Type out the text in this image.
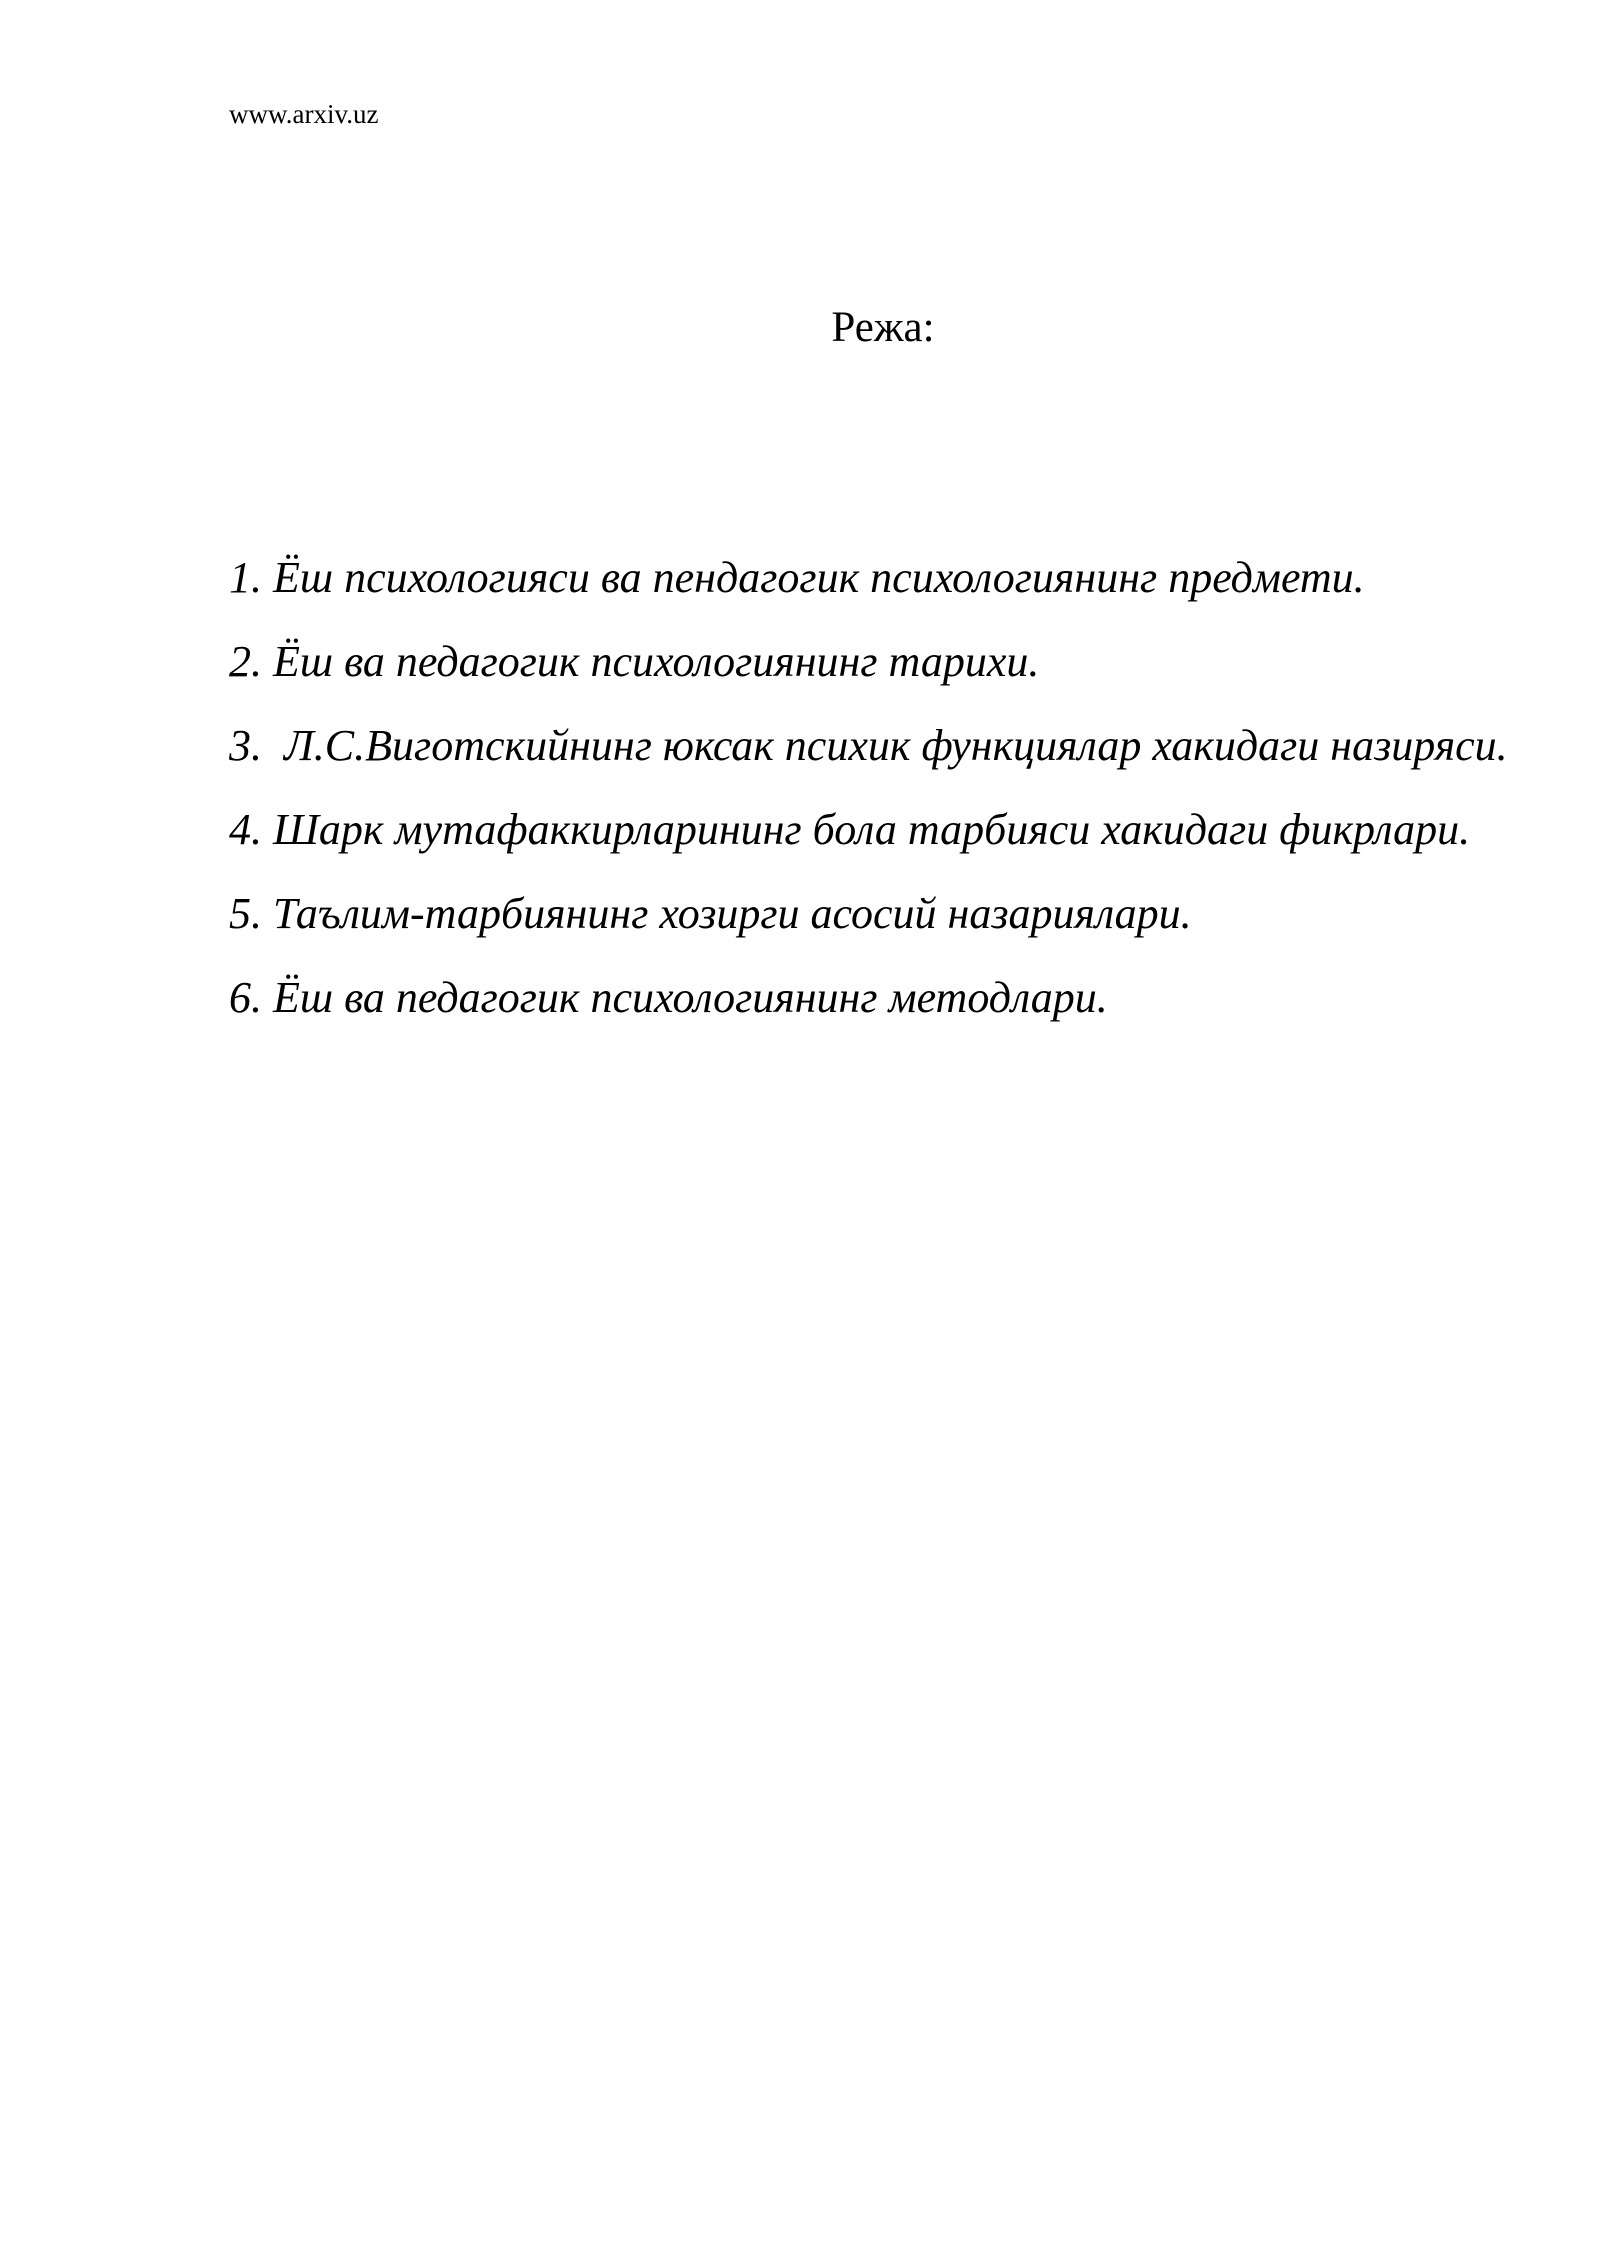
www.arxiv.uz
Режа:
1. Ёш психологияси ва пендагогик психологиянинг предмети.
2. Ёш ва педагогик психологиянинг тарихи.
3.  Л.С.Виготскийнинг юксак психик функциялар хакидаги назиряси.
4. Шарк мутафаккирларининг бола тарбияси хакидаги фикрлари.
5. Таълим-тарбиянинг хозирги асосий назариялари.
6. Ёш ва педагогик психологиянинг методлари.
